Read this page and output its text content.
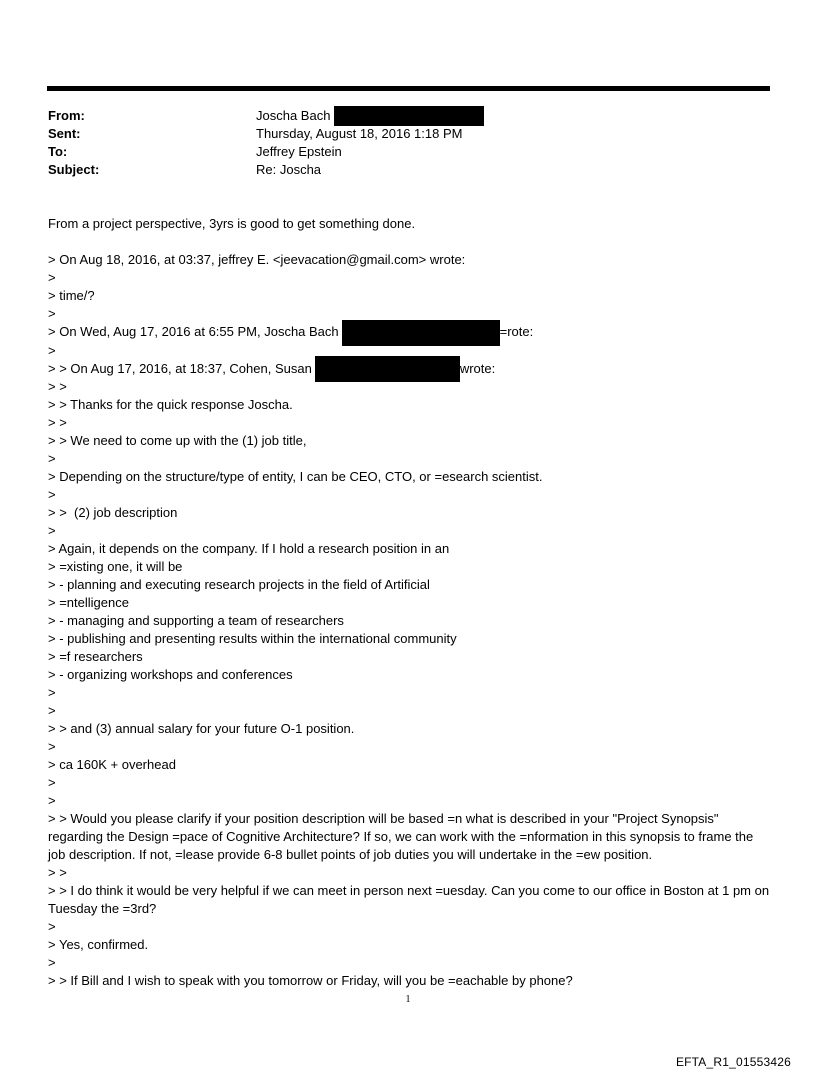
From:	Joscha Bach
Sent:	Thursday, August 18, 2016 1:18 PM
To:	Jeffrey Epstein
Subject:	Re: Joscha
From a project perspective, 3yrs is good to get something done.
> On Aug 18, 2016, at 03:37, jeffrey E. <jeevacation@gmail.com> wrote:
>
> time/?
>
> On Wed, Aug 17, 2016 at 6:55 PM, Joscha Bach	=rote:
>
> > On Aug 17, 2016, at 18:37, Cohen, Susan	wrote:
> >
> > Thanks for the quick response Joscha.
> >
> > We need to come up with the (1) job title,
>
> Depending on the structure/type of entity, I can be CEO, CTO, or =esearch scientist.
>
> >  (2) job description
>
> Again, it depends on the company. If I hold a research position in an
> =xisting one, it will be
> - planning and executing research projects in the field of Artificial
> =ntelligence
> - managing and supporting a team of researchers
> - publishing and presenting results within the international community
> =f researchers
> - organizing workshops and conferences
>
>
> > and (3) annual salary for your future O-1 position.
>
> ca 160K + overhead
>
>
> > Would you please clarify if your position description will be based =n what is described in your "Project Synopsis" regarding the Design =pace of Cognitive Architecture? If so, we can work with the =nformation in this synopsis to frame the job description. If not, =lease provide 6-8 bullet points of job duties you will undertake in the =ew position.
> >
> > I do think it would be very helpful if we can meet in person next =uesday. Can you come to our office in Boston at 1 pm on Tuesday the =3rd?
>
> Yes, confirmed.
>
> > If Bill and I wish to speak with you tomorrow or Friday, will you be =eachable by phone?
1
EFTA_R1_01553426
